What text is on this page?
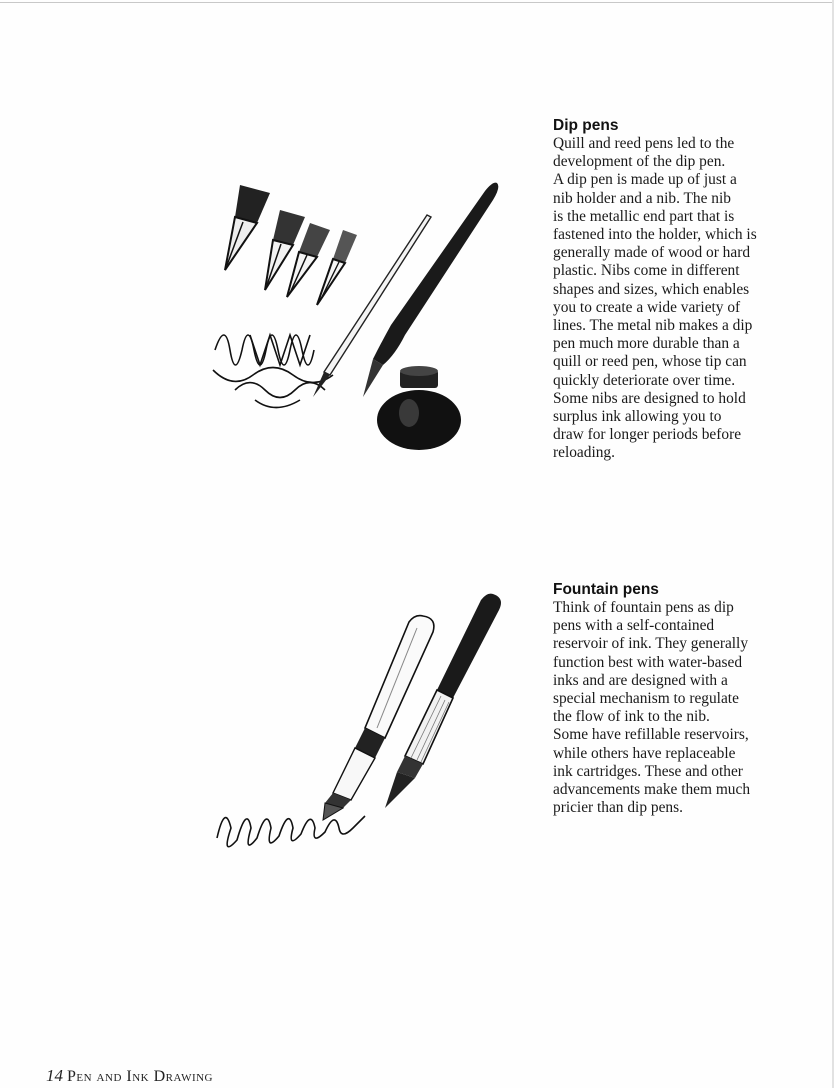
Dip pens

Quill and reed pens led to the
development of the dip pen.
A dip pen is made up of just a
nib holder and a nib. The nib
is the metallic end part that is
fastened into the holder, which is
generally made of wood or hard
plastic. Nibs come in different
shapes and sizes, which enables
you to create a wide variety of
lines. The metal nib makes a dip
pen much more durable than a
quill or reed pen, whose tip can
quickly deteriorate over time.
Some nibs are designed to hold
surplus ink allowing you to
draw for longer periods before
reloading.

Fountain pens

Think of fountain pens as dip
pens with a self-contained
reservoir of ink. They generally
function best with water-based
inks and are designed with a
special mechanism to regulate
the flow of ink to the nib.
Some have refillable reservoirs,
while others have replaceable
ink cartridges. These and other
advancements make them much
pricier than dip pens.

14 Pen and Ink Drawing
